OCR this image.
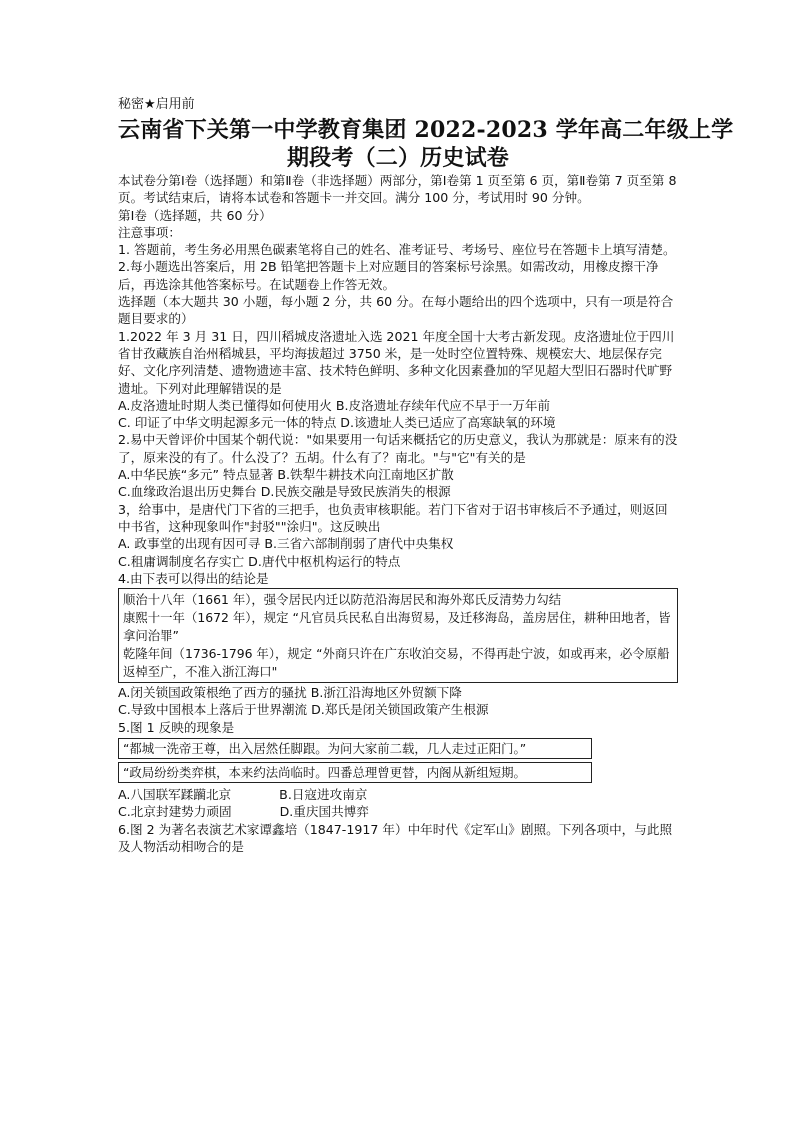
秘密★启用前

云南省下关第一中学教育集团 2022-2023 学年高二年级上学
期段考（二）历史试卷

本试卷分第Ⅰ卷（选择题）和第Ⅱ卷（非选择题）两部分，第Ⅰ卷第 1 页至第 6 页，第Ⅱ卷第 7 页至第 8 页。考试结束后，请将本试卷和答题卡一并交回。满分 100 分，考试用时 90 分钟。

第Ⅰ卷（选择题，共 60 分）

注意事项：

1. 答题前，考生务必用黑色碳素笔将自己的姓名、准考证号、考场号、座位号在答题卡上填写清楚。

2.每小题选出答案后，用 2B 铅笔把答题卡上对应题目的答案标号涂黑。如需改动，用橡皮擦干净后，再选涂其他答案标号。在试题卷上作答无效。

选择题（本大题共 30 小题，每小题 2 分，共 60 分。在每小题给出的四个选项中，只有一项是符合题目要求的）

1.2022 年 3 月 31 日，四川稻城皮洛遗址入选 2021 年度全国十大考古新发现。皮洛遗址位于四川省甘孜藏族自治州稻城县，平均海拔超过 3750 米，是一处时空位置特殊、规模宏大、地层保存完好、文化序列清楚、遗物遗迹丰富、技术特色鲜明、多种文化因素叠加的罕见超大型旧石器时代旷野遗址。下列对此理解错误的是

A.皮洛遗址时期人类已懂得如何使用火 B.皮洛遗址存续年代应不早于一万年前

C. 印证了中华文明起源多元一体的特点 D.该遗址人类已适应了高寒缺氧的环境

2.易中天曾评价中国某个朝代说："如果要用一句话来概括它的历史意义，我认为那就是：原来有的没了，原来没的有了。什么没了？五胡。什么有了？南北。"与"它"有关的是

A.中华民族“多元” 特点显著 B.铁犁牛耕技术向江南地区扩散

C.血缘政治退出历史舞台 D.民族交融是导致民族消失的根源

3，给事中，是唐代门下省的三把手，也负责审核职能。若门下省对于诏书审核后不予通过，则返回中书省，这种现象叫作"封驳""涂归"。这反映出

A. 政事堂的出现有因可寻 B.三省六部制削弱了唐代中央集权

C.租庸调制度名存实亡 D.唐代中枢机构运行的特点

4.由下表可以得出的结论是

顺治十八年（1661 年），强令居民内迁以防范沿海居民和海外郑氏反清势力勾结

康熙十一年（1672 年），规定 “凡官员兵民私自出海贸易，及迁移海岛，盖房居住，耕种田地者，皆拿问治罪”

乾隆年间（1736-1796 年），规定 “外商只许在广东收泊交易，不得再赴宁波，如或再来，必令原船返棹至广，不准入浙江海口"

A.闭关锁国政策根绝了西方的骚扰 B.浙江沿海地区外贸额下降

C.导致中国根本上落后于世界潮流 D.郑氏是闭关锁国政策产生根源

5.图 1 反映的现象是

“都城一洗帝王尊，出入居然任脚跟。为问大家前二载，几人走过正阳门。”

“政局纷纷类弈棋，本来约法尚临时。四番总理曾更替，内阁从新组短期。

A.八国联军蹂躏北京            B.日寇进攻南京

C.北京封建势力顽固            D.重庆国共博弈

6.图 2 为著名表演艺术家谭鑫培（1847-1917 年）中年时代《定军山》剧照。下列各项中，与此照及人物活动相吻合的是
